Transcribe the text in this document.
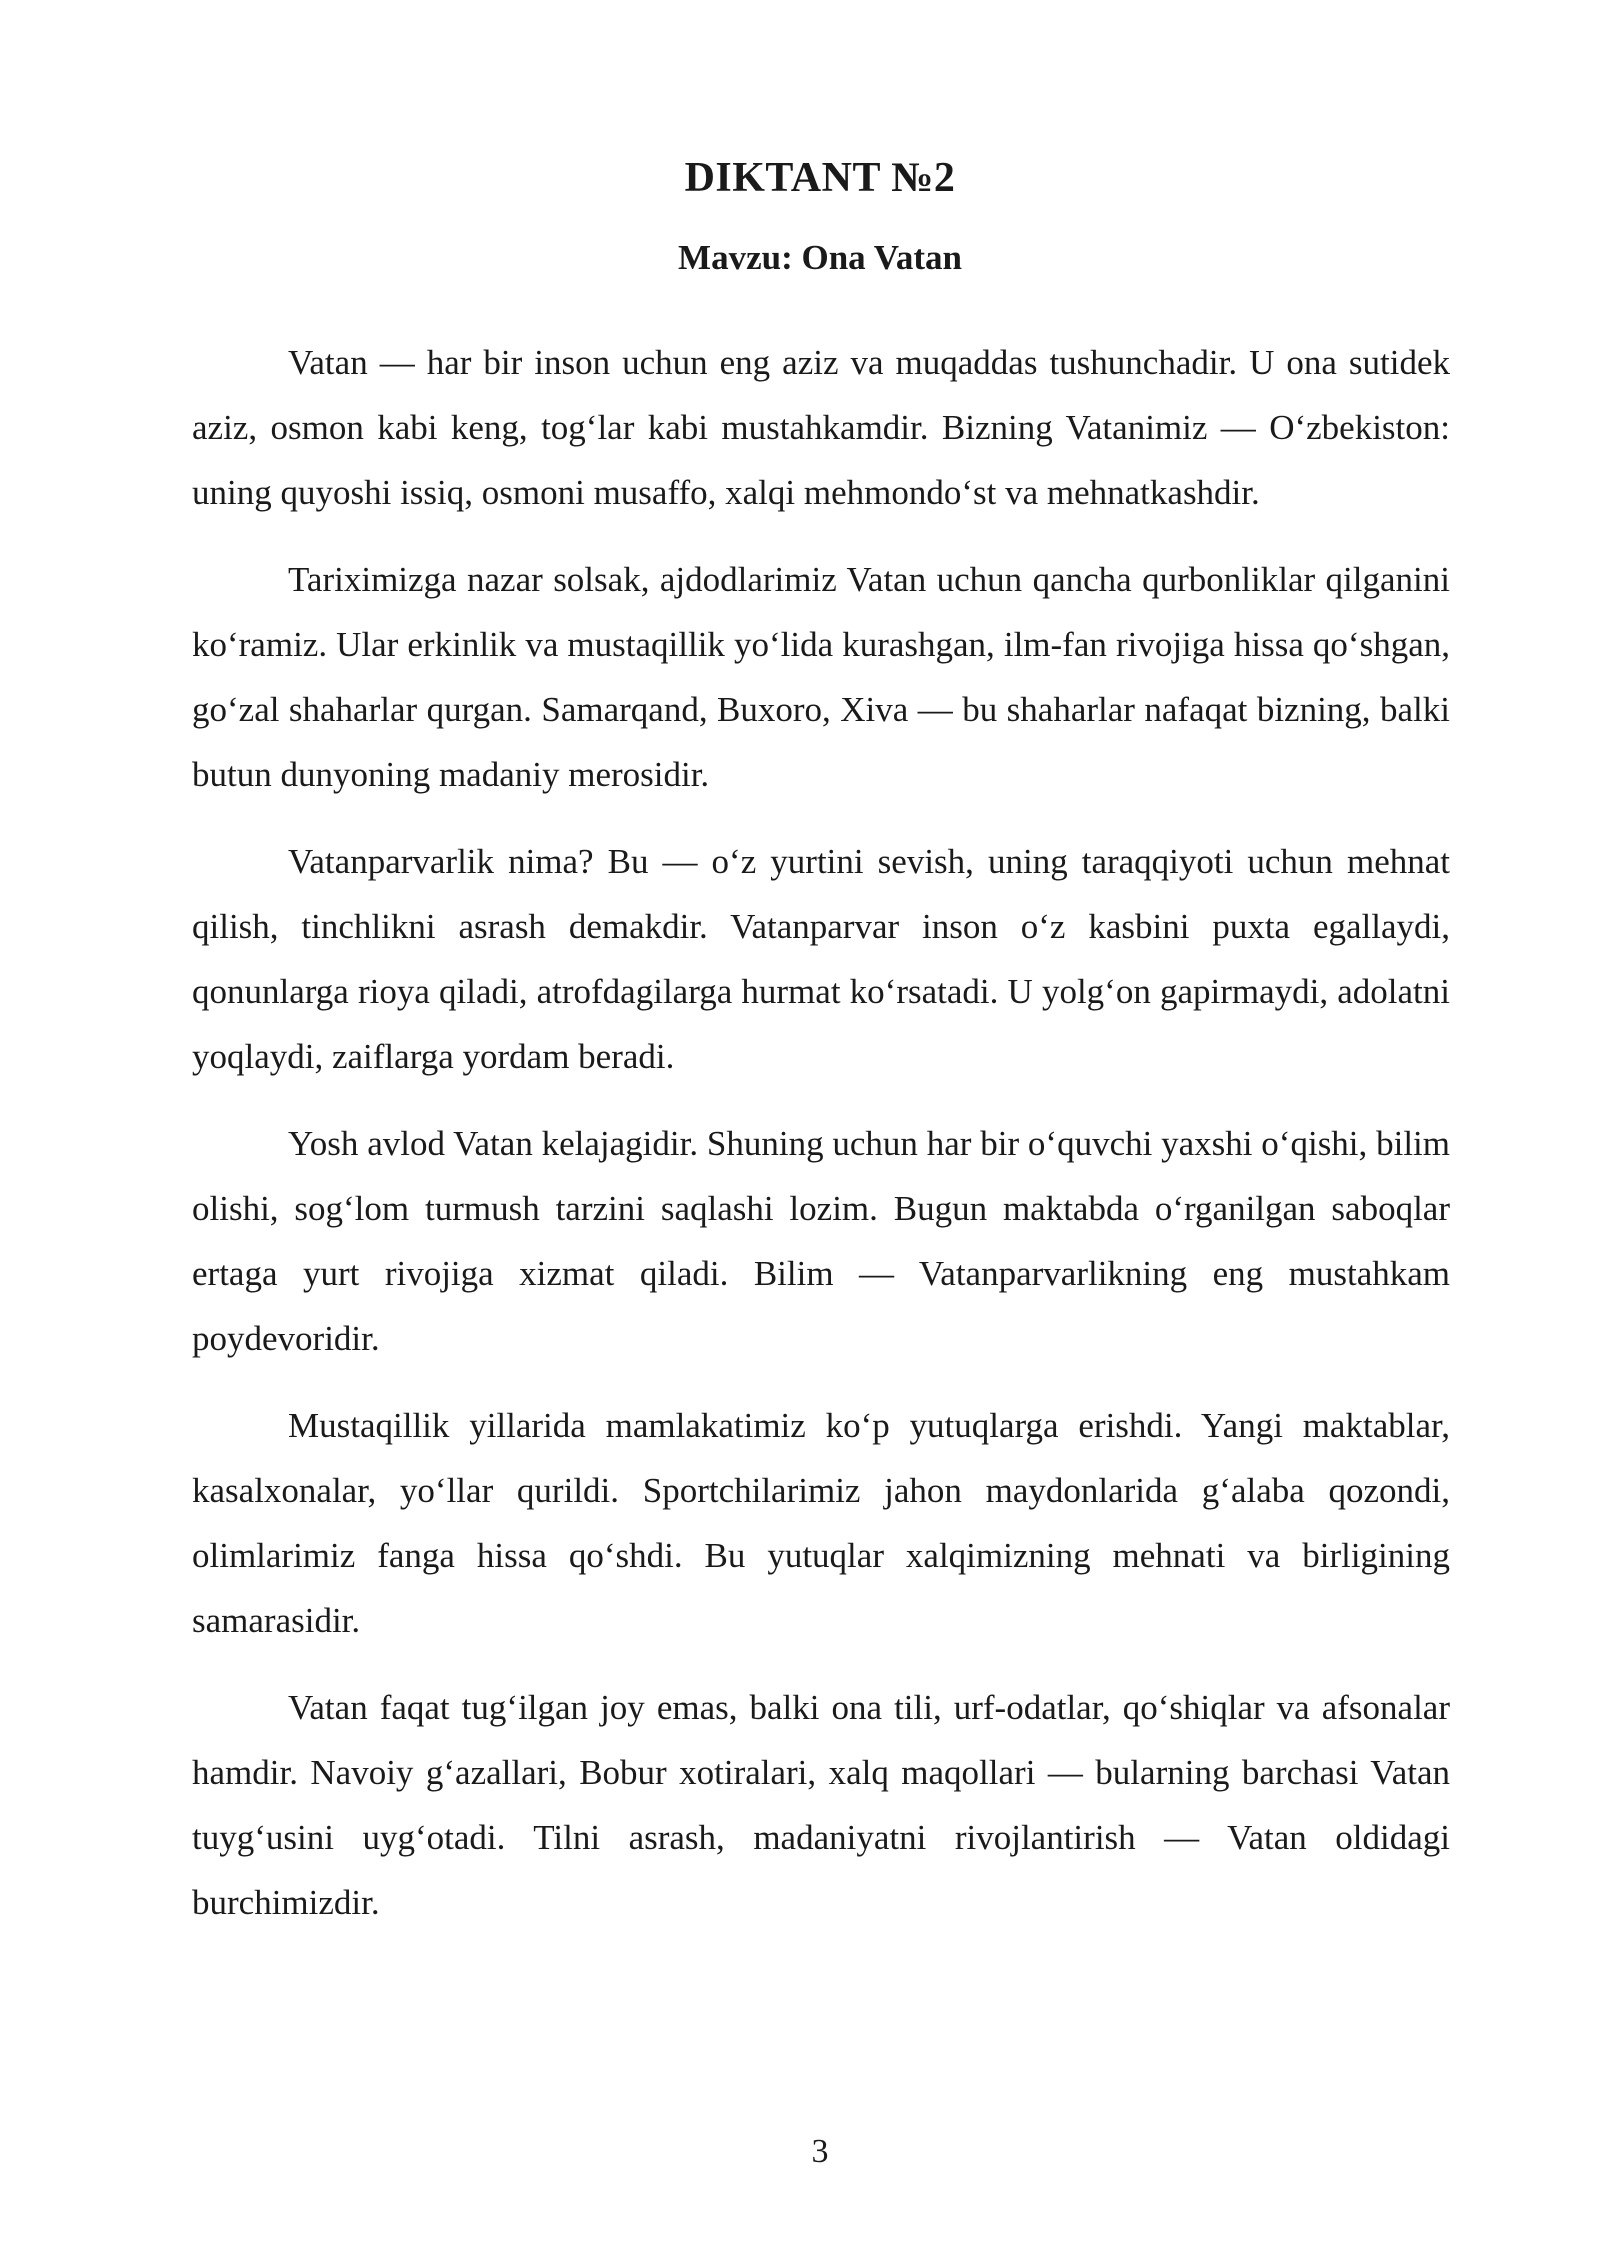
DIKTANT №2
Mavzu: Ona Vatan

Vatan — har bir inson uchun eng aziz va muqaddas tushunchadir. U ona sutidek aziz, osmon kabi keng, tog‘lar kabi mustahkamdir. Bizning Vatanimiz — O‘zbekiston: uning quyoshi issiq, osmoni musaffo, xalqi mehmondo‘st va mehnatkashdir.

Tariximizga nazar solsak, ajdodlarimiz Vatan uchun qancha qurbonliklar qilganini ko‘ramiz. Ular erkinlik va mustaqillik yo‘lida kurashgan, ilm-fan rivojiga hissa qo‘shgan, go‘zal shaharlar qurgan. Samarqand, Buxoro, Xiva — bu shaharlar nafaqat bizning, balki butun dunyoning madaniy merosidir.

Vatanparvarlik nima? Bu — o‘z yurtini sevish, uning taraqqiyoti uchun mehnat qilish, tinchlikni asrash demakdir. Vatanparvar inson o‘z kasbini puxta egallaydi, qonunlarga rioya qiladi, atrofdagilarga hurmat ko‘rsatadi. U yolg‘on gapirmaydi, adolatni yoqlaydi, zaiflarga yordam beradi.

Yosh avlod Vatan kelajagidir. Shuning uchun har bir o‘quvchi yaxshi o‘qishi, bilim olishi, sog‘lom turmush tarzini saqlashi lozim. Bugun maktabda o‘rganilgan saboqlar ertaga yurt rivojiga xizmat qiladi. Bilim — Vatanparvarlikning eng mustahkam poydevoridir.

Mustaqillik yillarida mamlakatimiz ko‘p yutuqlarga erishdi. Yangi maktablar, kasalxonalar, yo‘llar qurildi. Sportchilarimiz jahon maydonlarida g‘alaba qozondi, olimlarimiz fanga hissa qo‘shdi. Bu yutuqlar xalqimizning mehnati va birligining samarasidir.

Vatan faqat tug‘ilgan joy emas, balki ona tili, urf-odatlar, qo‘shiqlar va afsonalar hamdir. Navoiy g‘azallari, Bobur xotiralari, xalq maqollari — bularning barchasi Vatan tuyg‘usini uyg‘otadi. Tilni asrash, madaniyatni rivojlantirish — Vatan oldidagi burchimizdir.

3
